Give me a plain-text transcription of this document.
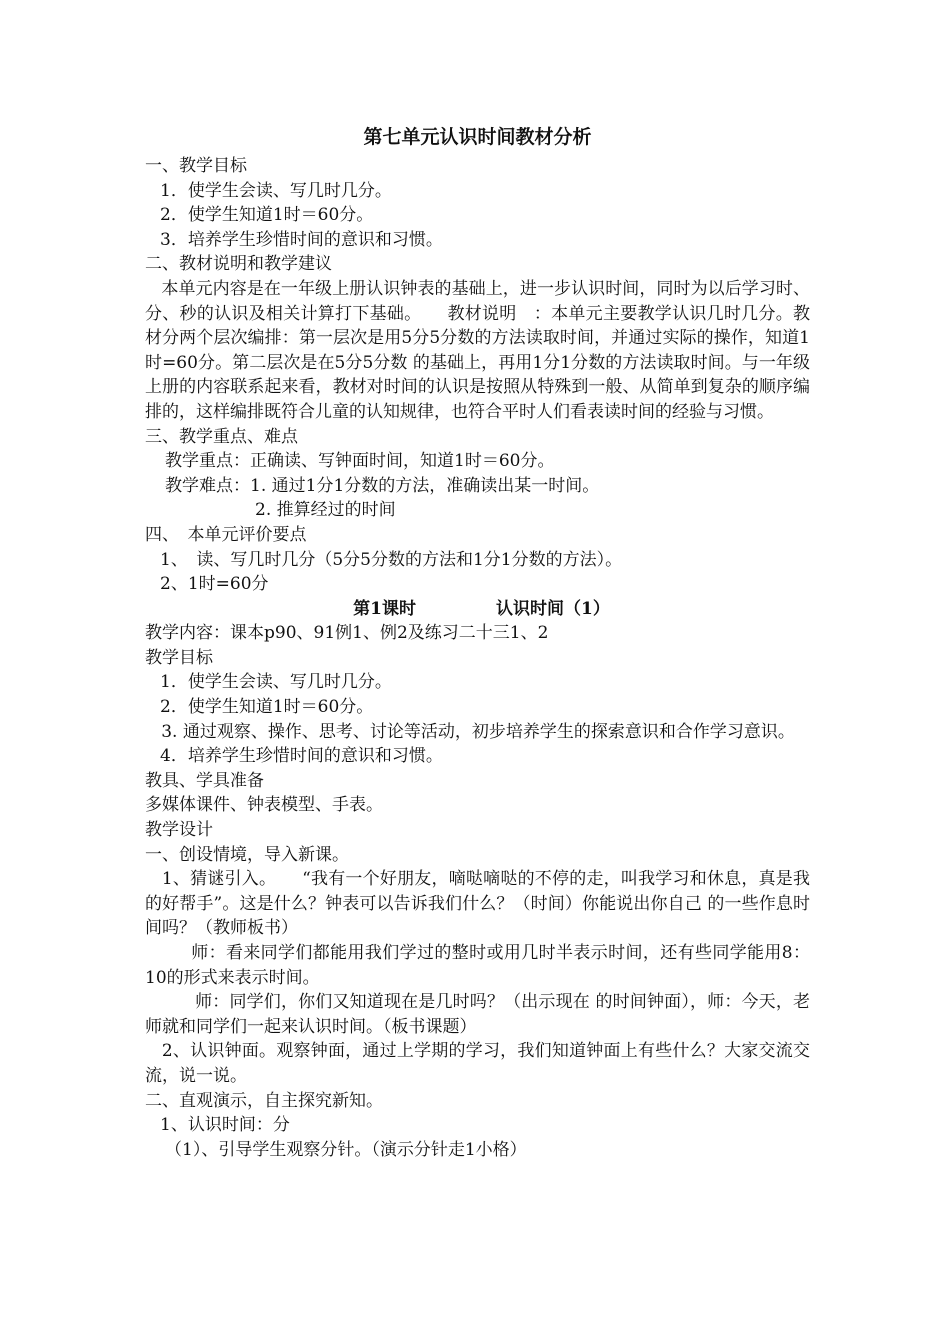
第七单元认识时间教材分析

一、教学目标

1．使学生会读、写几时几分。

2．使学生知道1时＝60分。

3．培养学生珍惜时间的意识和习惯。

二、教材说明和教学建议

本单元内容是在一年级上册认识钟表的基础上，进一步认识时间，同时为以后学习时、分、秒的认识及相关计算打下基础。　　教材说明　：本单元主要教学认识几时几分。教材分两个层次编排：第一层次是用5分5分数的方法读取时间，并通过实际的操作，知道1时=60分。第二层次是在5分5分数 的基础上，再用1分1分数的方法读取时间。与一年级上册的内容联系起来看，教材对时间的认识是按照从特殊到一般、从简单到复杂的顺序编排的，这样编排既符合儿童的认知规律，也符合平时人们看表读时间的经验与习惯。

三、教学重点、难点

教学重点：正确读、写钟面时间，知道1时＝60分。

教学难点：1. 通过1分1分数的方法，准确读出某一时间。

2. 推算经过的时间

四、　本单元评价要点

1、　读、写几时几分（5分5分数的方法和1分1分数的方法）。

2、1时=60分

第1课时	认识时间（1）

教学内容：课本p90、91例1、例2及练习二十三1、2

教学目标

1．使学生会读、写几时几分。

2．使学生知道1时＝60分。

3. 通过观察、操作、思考、讨论等活动，初步培养学生的探索意识和合作学习意识。

4．培养学生珍惜时间的意识和习惯。

教具、学具准备

多媒体课件、钟表模型、手表。

教学设计

一、创设情境，导入新课。

1、猜谜引入。　　“我有一个好朋友，嘀哒嘀哒的不停的走，叫我学习和休息，真是我的好帮手”。这是什么？钟表可以告诉我们什么？（时间）你能说出你自己 的一些作息时间吗？（教师板书）

师：看来同学们都能用我们学过的整时或用几时半表示时间，还有些同学能用8：10的形式来表示时间。

师：同学们，你们又知道现在是几时吗？（出示现在 的时间钟面），师：今天，老师就和同学们一起来认识时间。（板书课题）

2、认识钟面。观察钟面，通过上学期的学习，我们知道钟面上有些什么？大家交流交流，说一说。

二、直观演示，自主探究新知。

1、认识时间：分

（1）、引导学生观察分针。（演示分针走1小格）
